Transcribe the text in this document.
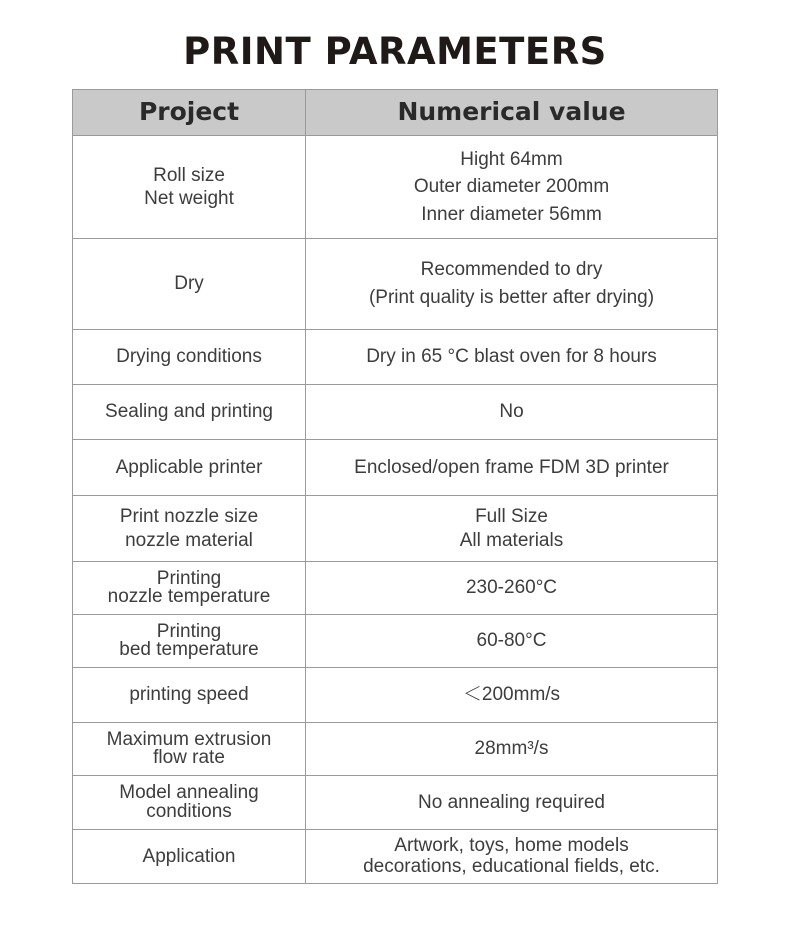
PRINT PARAMETERS
Project	Numerical value

Roll size
Net weight	Hight 64mm
Outer diameter 200mm
Inner diameter 56mm

Dry	Recommended to dry
(Print quality is better after drying)

Drying conditions	Dry in 65 °C blast oven for 8 hours

Sealing and printing	No

Applicable printer	Enclosed/open frame FDM 3D printer

Print nozzle size
nozzle material	Full Size
All materials

Printing
nozzle temperature	230-260°C

Printing
bed temperature	60-80°C

printing speed	＜200mm/s

Maximum extrusion
flow rate	28mm³/s

Model annealing
conditions	No annealing required

Application	Artwork, toys, home models
decorations, educational fields, etc.
